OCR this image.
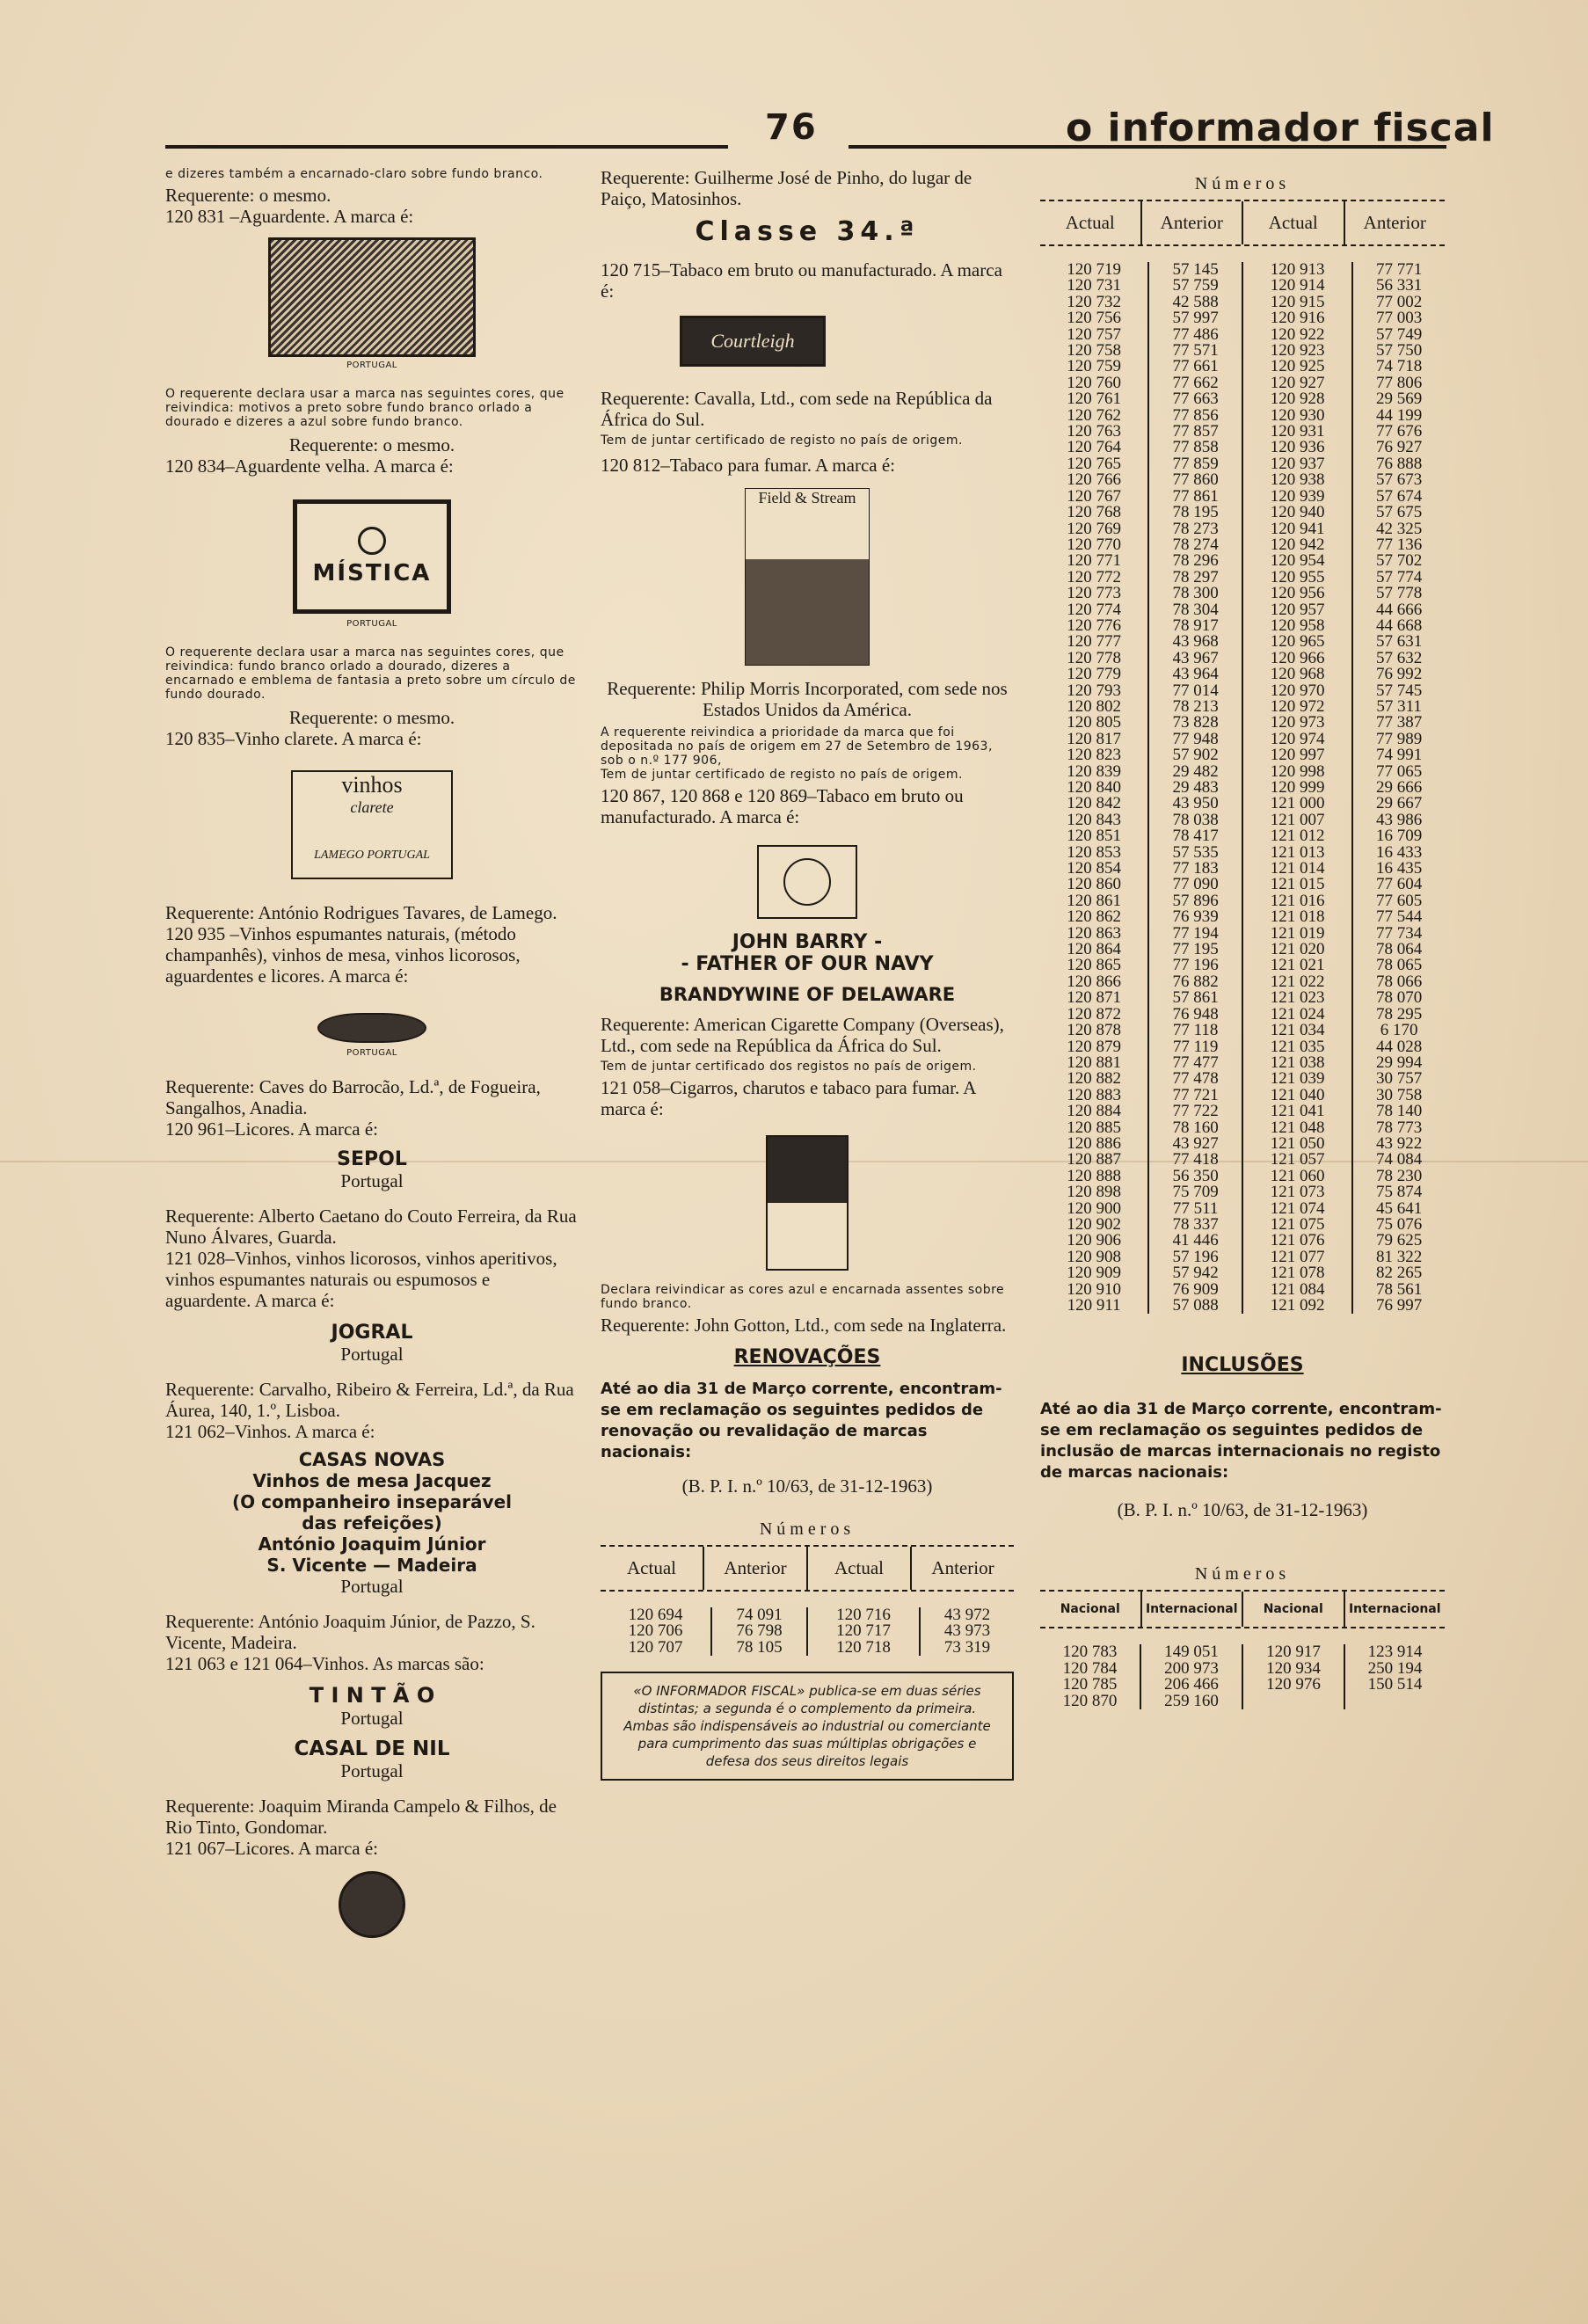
76	o informador fiscal

e dizeres também a encarnado-claro sobre fundo branco.

Requerente: o mesmo.

120 831 –Aguardente. A marca é:

PORTUGAL

O requerente declara usar a marca nas seguintes cores, que reivindica: motivos a preto sobre fundo branco orlado a dourado e dizeres a azul sobre fundo branco.

Requerente: o mesmo.

120 834–Aguardente velha. A marca é:

MÍSTICA

PORTUGAL

O requerente declara usar a marca nas seguintes cores, que reivindica: fundo branco orlado a dourado, dizeres a encarnado e emblema de fantasia a preto sobre um círculo de fundo dourado.

Requerente: o mesmo.

120 835–Vinho clarete. A marca é:

vinhos
clarete
LAMEGO PORTUGAL

Requerente: António Rodrigues Tavares, de Lamego.

120 935 –Vinhos espumantes naturais, (método champanhês), vinhos de mesa, vinhos licorosos, aguardentes e licores. A marca é:

PORTUGAL

Requerente: Caves do Barrocão, Ld.ª, de Fogueira, Sangalhos, Anadia.

120 961–Licores. A marca é:

SEPOL

Portugal

Requerente: Alberto Caetano do Couto Ferreira, da Rua Nuno Álvares, Guarda.

121 028–Vinhos, vinhos licorosos, vinhos aperitivos, vinhos espumantes naturais ou espumosos e aguardente. A marca é:

JOGRAL

Portugal

Requerente: Carvalho, Ribeiro & Ferreira, Ld.ª, da Rua Áurea, 140, 1.º, Lisboa.

121 062–Vinhos. A marca é:

CASAS NOVAS

Vinhos de mesa Jacquez

(O companheiro inseparável

das refeições)

António Joaquim Júnior

S. Vicente — Madeira

Portugal

Requerente: António Joaquim Júnior, de Pazzo, S. Vicente, Madeira.

121 063 e 121 064–Vinhos. As marcas são:

T I N T Ã O

Portugal

CASAL DE NIL

Portugal

Requerente: Joaquim Miranda Campelo & Filhos, de Rio Tinto, Gondomar.

121 067–Licores. A marca é:

Requerente: Guilherme José de Pinho, do lugar de Paiço, Matosinhos.

Classe 34.ª

120 715–Tabaco em bruto ou manufacturado. A marca é:

Courtleigh

Requerente: Cavalla, Ltd., com sede na República da África do Sul.

Tem de juntar certificado de registo no país de origem.

120 812–Tabaco para fumar. A marca é:

Field & Stream

Requerente: Philip Morris Incorporated, com sede nos Estados Unidos da América.

A requerente reivindica a prioridade da marca que foi depositada no país de origem em 27 de Setembro de 1963, sob o n.º 177 906,

Tem de juntar certificado de registo no país de origem.

120 867, 120 868 e 120 869–Tabaco em bruto ou manufacturado. A marca é:

JOHN BARRY -

- FATHER OF OUR NAVY

BRANDYWINE OF DELAWARE

Requerente: American Cigarette Company (Overseas), Ltd., com sede na República da África do Sul.

Tem de juntar certificado dos registos no país de origem.

121 058–Cigarros, charutos e tabaco para fumar. A marca é:

Declara reivindicar as cores azul e encarnada assentes sobre fundo branco.

Requerente: John Gotton, Ltd., com sede na Inglaterra.

RENOVAÇÕES

Até ao dia 31 de Março corrente, encontram-se em reclamação os seguintes pedidos de renovação ou revalidação de marcas nacionais:

(B. P. I. n.º 10/63, de 31-12-1963)

Números

Actual	Anterior	Actual	Anterior
120 694	74 091	120 716	43 972
120 706	76 798	120 717	43 973
120 707	78 105	120 718	73 319
«O INFORMADOR FISCAL» publica-se em duas séries distintas; a segunda é o complemento da primeira. Ambas são indispensáveis ao industrial ou comerciante para cumprimento das suas múltiplas obrigações e defesa dos seus direitos legais

Números

Actual	Anterior	Actual	Anterior
120 719	57 145	120 913	77 771
120 731	57 759	120 914	56 331
120 732	42 588	120 915	77 002
120 756	57 997	120 916	77 003
120 757	77 486	120 922	57 749
120 758	77 571	120 923	57 750
120 759	77 661	120 925	74 718
120 760	77 662	120 927	77 806
120 761	77 663	120 928	29 569
120 762	77 856	120 930	44 199
120 763	77 857	120 931	77 676
120 764	77 858	120 936	76 927
120 765	77 859	120 937	76 888
120 766	77 860	120 938	57 673
120 767	77 861	120 939	57 674
120 768	78 195	120 940	57 675
120 769	78 273	120 941	42 325
120 770	78 274	120 942	77 136
120 771	78 296	120 954	57 702
120 772	78 297	120 955	57 774
120 773	78 300	120 956	57 778
120 774	78 304	120 957	44 666
120 776	78 917	120 958	44 668
120 777	43 968	120 965	57 631
120 778	43 967	120 966	57 632
120 779	43 964	120 968	76 992
120 793	77 014	120 970	57 745
120 802	78 213	120 972	57 311
120 805	73 828	120 973	77 387
120 817	77 948	120 974	77 989
120 823	57 902	120 997	74 991
120 839	29 482	120 998	77 065
120 840	29 483	120 999	29 666
120 842	43 950	121 000	29 667
120 843	78 038	121 007	43 986
120 851	78 417	121 012	16 709
120 853	57 535	121 013	16 433
120 854	77 183	121 014	16 435
120 860	77 090	121 015	77 604
120 861	57 896	121 016	77 605
120 862	76 939	121 018	77 544
120 863	77 194	121 019	77 734
120 864	77 195	121 020	78 064
120 865	77 196	121 021	78 065
120 866	76 882	121 022	78 066
120 871	57 861	121 023	78 070
120 872	76 948	121 024	78 295
120 878	77 118	121 034	6 170
120 879	77 119	121 035	44 028
120 881	77 477	121 038	29 994
120 882	77 478	121 039	30 757
120 883	77 721	121 040	30 758
120 884	77 722	121 041	78 140
120 885	78 160	121 048	78 773
120 886	43 927	121 050	43 922
120 887	77 418	121 057	74 084
120 888	56 350	121 060	78 230
120 898	75 709	121 073	75 874
120 900	77 511	121 074	45 641
120 902	78 337	121 075	75 076
120 906	41 446	121 076	79 625
120 908	57 196	121 077	81 322
120 909	57 942	121 078	82 265
120 910	76 909	121 084	78 561
120 911	57 088	121 092	76 997

INCLUSÕES

Até ao dia 31 de Março corrente, encontram-se em reclamação os seguintes pedidos de inclusão de marcas internacionais no registo de marcas nacionais:

(B. P. I. n.º 10/63, de 31-12-1963)

Números

Nacional	Internacional	Nacional	Internacional
120 783	149 051	120 917	123 914
120 784	200 973	120 934	250 194
120 785	206 466	120 976	150 514
120 870	259 160		
